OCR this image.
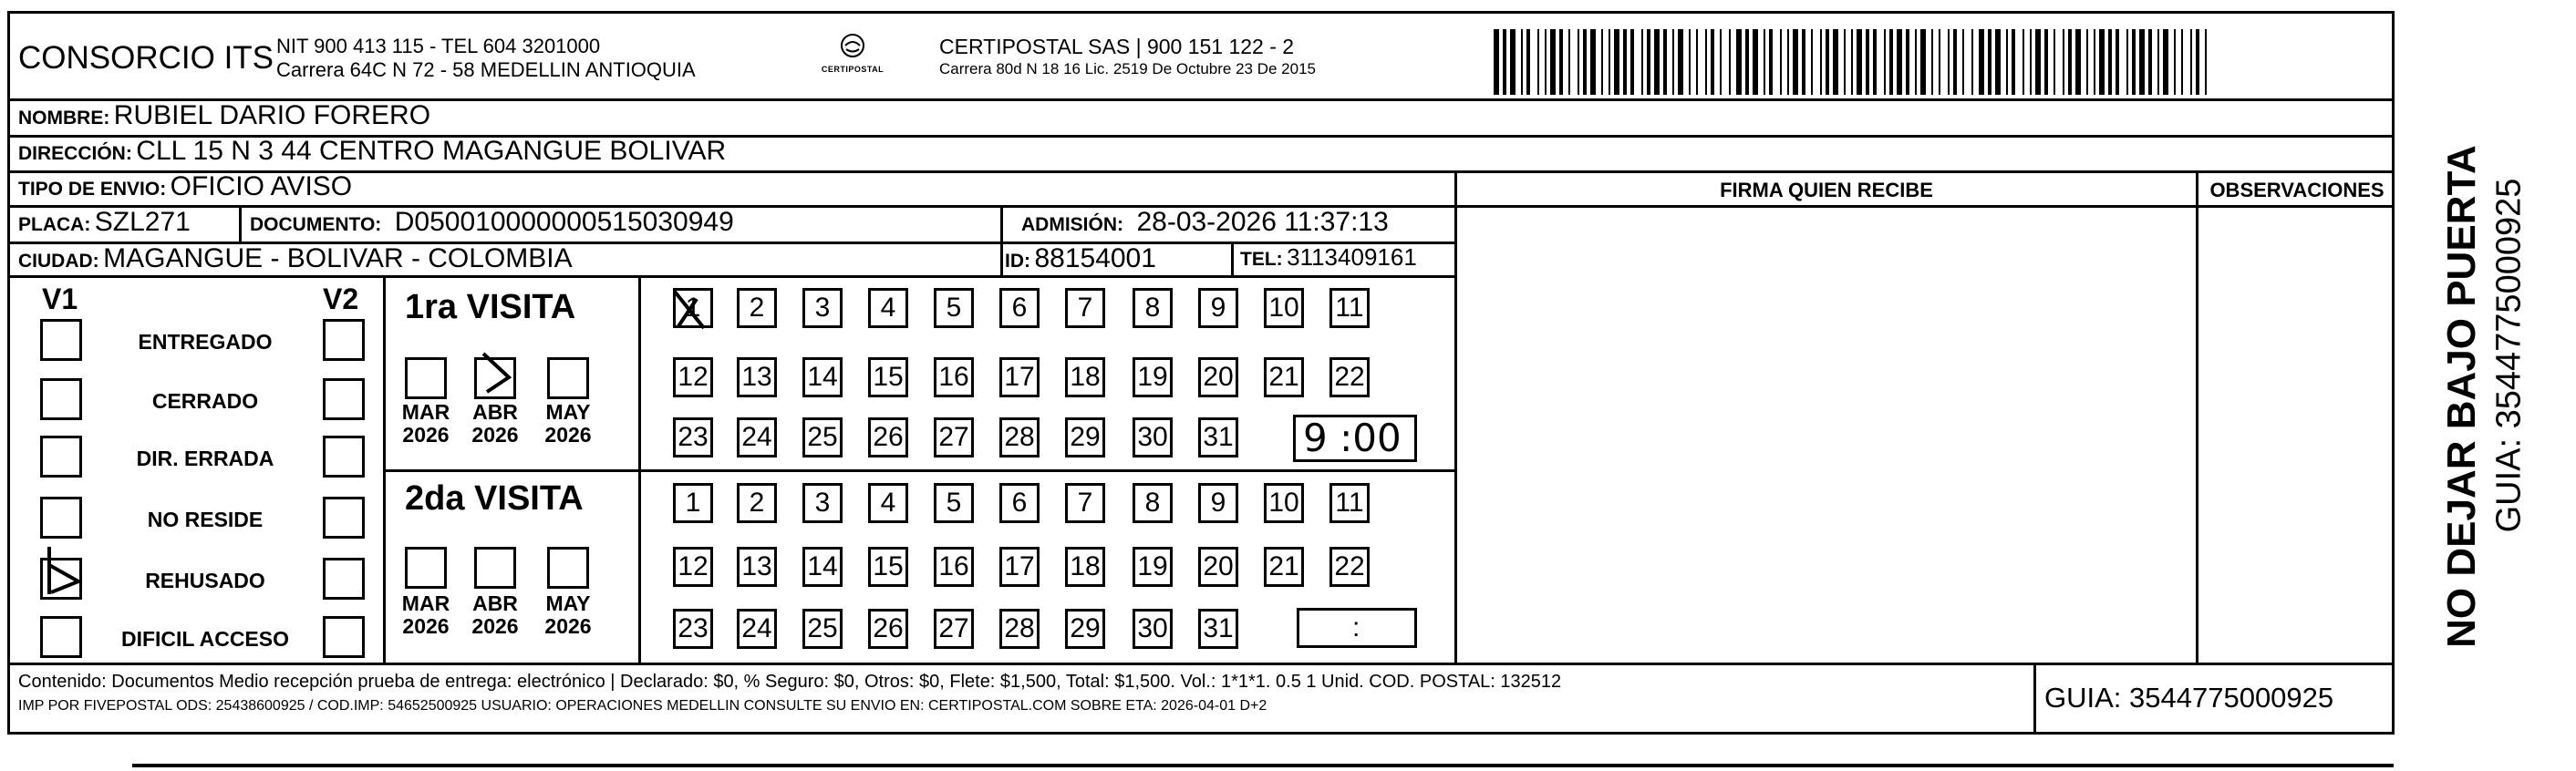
CONSORCIO ITS NIT 900 413 115 - TEL 604 3201000
Carrera 64C N 72 - 58 MEDELLIN ANTIOQUIA	CERTIPOSTAL
CERTIPOSTAL SAS | 900 151 122 - 2
Carrera 80d N 18 16 Lic. 2519 De Octubre 23 De 2015
NOMBRE: RUBIEL DARIO FORERO
DIRECCIÓN: CLL 15 N 3 44 CENTRO MAGANGUE BOLIVAR
TIPO DE ENVIO: OFICIO AVISO
PLACA: SZL271	DOCUMENTO: D050010000000515030949	ADMISIÓN: 28-03-2026 11:37:13
CIUDAD: MAGANGUE - BOLIVAR - COLOMBIA	ID: 88154001	TEL: 3113409161
FIRMA QUIEN RECIBE	OBSERVACIONES
V1	V2
ENTREGADO
CERRADO
DIR. ERRADA
NO RESIDE
REHUSADO
DIFICIL ACCESO
1ra VISITA
2da VISITA
MAR
2026
ABR
2026
MAY
2026
MAR
2026
ABR
2026
MAY
2026
1	2	3	4	5	6	7	8	9	10 11
12 13 14 15 16 17 18 19 20 21 22
23 24 25 26 27 28 29 30 31
1	2	3	4	5	6	7	8	9	10 11
12 13 14 15 16 17 18 19 20 21 22
23 24 25 26 27 28 29 30 31
9 :00
:
Contenido: Documentos Medio recepción prueba de entrega: electrónico | Declarado: $0, % Seguro: $0, Otros: $0, Flete: $1,500, Total: $1,500. Vol.: 1*1*1. 0.5 1 Unid. COD. POSTAL: 132512
IMP POR FIVEPOSTAL ODS: 25438600925 / COD.IMP: 54652500925 USUARIO: OPERACIONES MEDELLIN CONSULTE SU ENVIO EN: CERTIPOSTAL.COM SOBRE ETA: 2026-04-01 D+2	GUIA: 3544775000925
NO DEJAR BAJO PUERTA GUIA: 3544775000925
